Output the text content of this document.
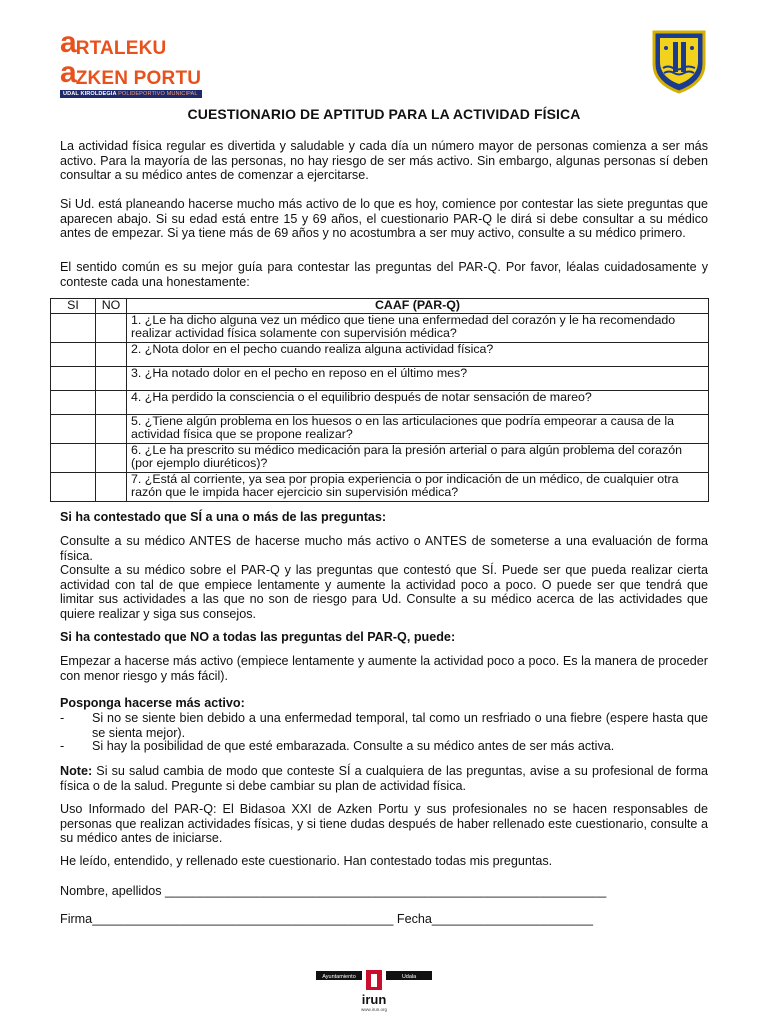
a RTALEKU
a ZKEN PORTU
UDAL KIROLDEGIA POLIDEPORTIVO MUNICIPAL
CUESTIONARIO DE APTITUD PARA LA ACTIVIDAD FÍSICA

La actividad física regular es divertida y saludable y cada día un número mayor de personas comienza a ser más activo. Para la mayoría de las personas, no hay riesgo de ser más activo. Sin embargo, algunas personas sí deben consultar a su médico antes de comenzar a ejercitarse.

Si Ud. está planeando hacerse mucho más activo de lo que es hoy, comience por contestar las siete preguntas que aparecen abajo. Si su edad está entre 15 y 69 años, el cuestionario PAR-Q le dirá si debe consultar a su médico antes de empezar. Si ya tiene más de 69 años y no acostumbra a ser muy activo, consulte a su médico primero.

El sentido común es su mejor guía para contestar las preguntas del PAR-Q. Por favor, léalas cuidadosamente y conteste cada una honestamente:

SI	NO	CAAF (PAR-Q)
		1. ¿Le ha dicho alguna vez un médico que tiene una enfermedad del corazón y le ha recomendado realizar actividad física solamente con supervisión médica?
		2. ¿Nota dolor en el pecho cuando realiza alguna actividad física?
		3. ¿Ha notado dolor en el pecho en reposo en el último mes?
		4. ¿Ha perdido la consciencia o el equilibrio después de notar sensación de mareo?
		5. ¿Tiene algún problema en los huesos o en las articulaciones que podría empeorar a causa de la actividad física que se propone realizar?
		6. ¿Le ha prescrito su médico medicación para la presión arterial o para algún problema del corazón (por ejemplo diuréticos)?
		7. ¿Está al corriente, ya sea por propia experiencia o por indicación de un médico, de cualquier otra razón que le impida hacer ejercicio sin supervisión médica?

Si ha contestado que SÍ a una o más de las preguntas:

Consulte a su médico ANTES de hacerse mucho más activo o ANTES de someterse a una evaluación de forma física.

Consulte a su médico sobre el PAR-Q y las preguntas que contestó que SÍ. Puede ser que pueda realizar cierta actividad con tal de que empiece lentamente y aumente la actividad poco a poco. O puede ser que tendrá que limitar sus actividades a las que no son de riesgo para Ud. Consulte a su médico acerca de las actividades que quiere realizar y siga sus consejos.

Si ha contestado que NO a todas las preguntas del PAR-Q, puede:

Empezar a hacerse más activo (empiece lentamente y aumente la actividad poco a poco. Es la manera de proceder con menor riesgo y más fácil).

Posponga hacerse más activo:

- Si no se siente bien debido a una enfermedad temporal, tal como un resfriado o una fiebre (espere hasta que se sienta mejor).
- Si hay la posibilidad de que esté embarazada. Consulte a su médico antes de ser más activa.

Note: Si su salud cambia de modo que conteste SÍ a cualquiera de las preguntas, avise a su profesional de forma física o de la salud. Pregunte si debe cambiar su plan de actividad física.

Uso Informado del PAR-Q: El Bidasoa XXI de Azken Portu y sus profesionales no se hacen responsables de personas que realizan actividades físicas, y si tiene dudas después de haber rellenado este cuestionario, consulte a su médico antes de iniciarse.

He leído, entendido, y rellenado este cuestionario. Han contestado todas mis preguntas.

Nombre, apellidos _______________________________________________________________
Firma___________________________________________ Fecha_______________________
Ayuntamiento	Udala
irun
www.irun.org
